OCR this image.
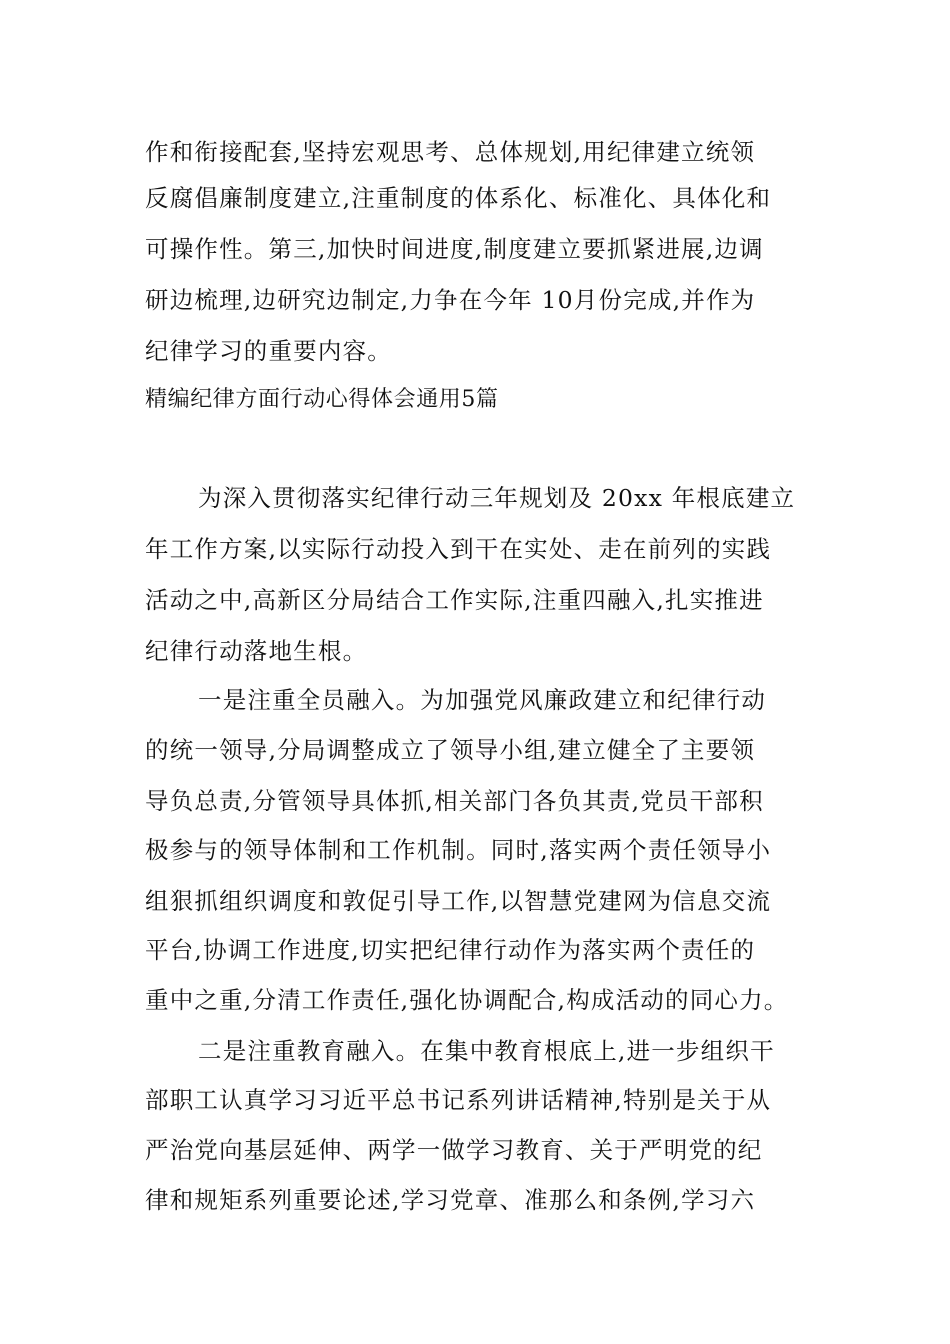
作和衔接配套,坚持宏观思考、总体规划,用纪律建立统领
反腐倡廉制度建立,注重制度的体系化、标准化、具体化和
可操作性。第三,加快时间进度,制度建立要抓紧进展,边调
研边梳理,边研究边制定,力争在今年 10月份完成,并作为
纪律学习的重要内容。
精编纪律方面行动心得体会通用5篇
为深入贯彻落实纪律行动三年规划及 20xx 年根底建立
年工作方案,以实际行动投入到干在实处、走在前列的实践
活动之中,高新区分局结合工作实际,注重四融入,扎实推进
纪律行动落地生根。
一是注重全员融入。为加强党风廉政建立和纪律行动
的统一领导,分局调整成立了领导小组,建立健全了主要领
导负总责,分管领导具体抓,相关部门各负其责,党员干部积
极参与的领导体制和工作机制。同时,落实两个责任领导小
组狠抓组织调度和敦促引导工作,以智慧党建网为信息交流
平台,协调工作进度,切实把纪律行动作为落实两个责任的
重中之重,分清工作责任,强化协调配合,构成活动的同心力。
二是注重教育融入。在集中教育根底上,进一步组织干
部职工认真学习习近平总书记系列讲话精神,特别是关于从
严治党向基层延伸、两学一做学习教育、关于严明党的纪
律和规矩系列重要论述,学习党章、准那么和条例,学习六
